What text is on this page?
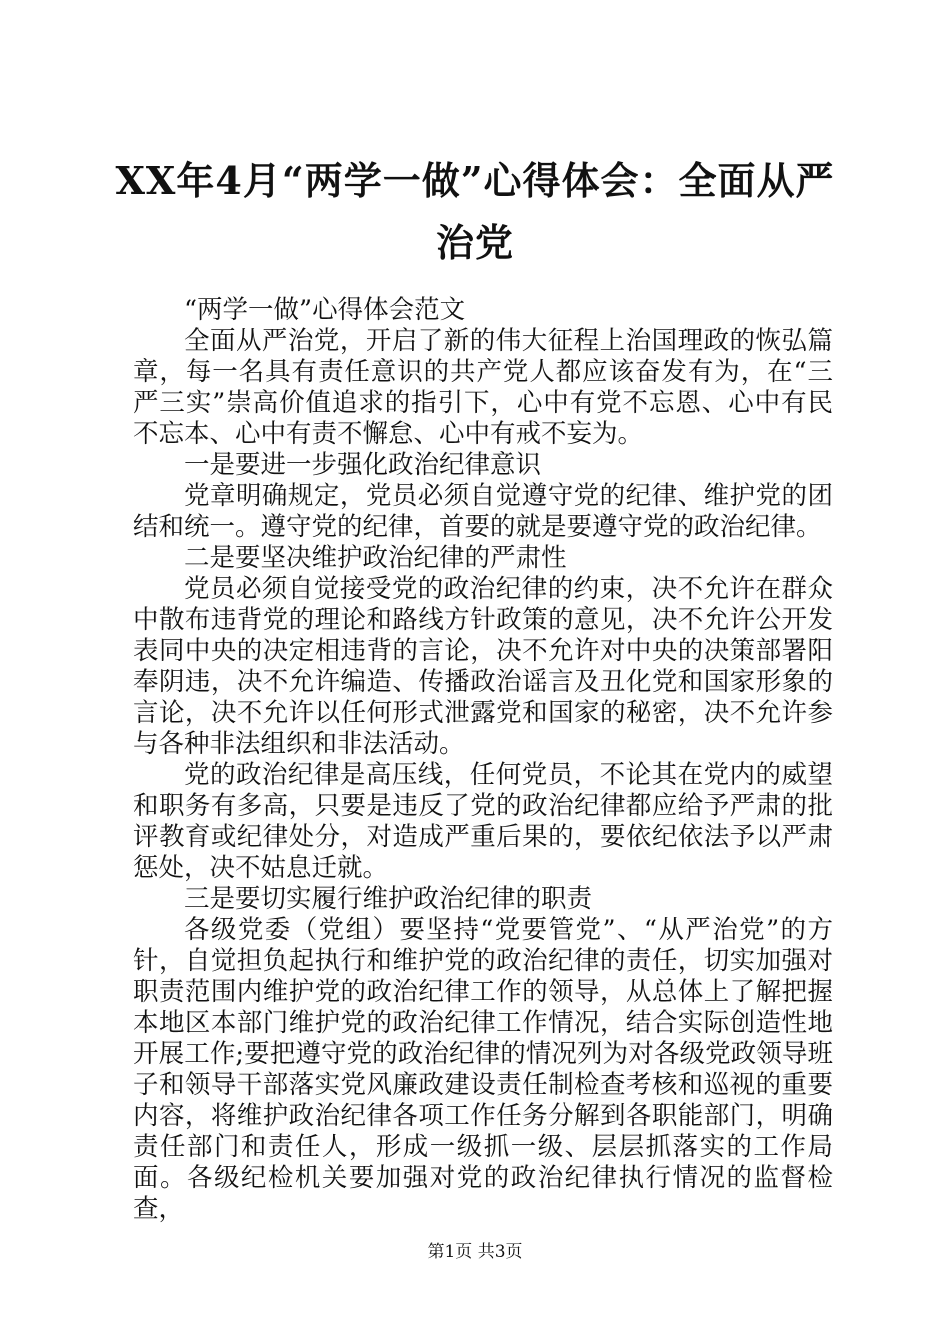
XX年4月“两学一做”心得体会：全面从严治党

“两学一做”心得体会范文

全面从严治党，开启了新的伟大征程上治国理政的恢弘篇章，每一名具有责任意识的共产党人都应该奋发有为，在“三严三实”崇高价值追求的指引下，心中有党不忘恩、心中有民不忘本、心中有责不懈怠、心中有戒不妄为。

一是要进一步强化政治纪律意识

党章明确规定，党员必须自觉遵守党的纪律、维护党的团结和统一。遵守党的纪律，首要的就是要遵守党的政治纪律。

二是要坚决维护政治纪律的严肃性

党员必须自觉接受党的政治纪律的约束，决不允许在群众中散布违背党的理论和路线方针政策的意见，决不允许公开发表同中央的决定相违背的言论，决不允许对中央的决策部署阳奉阴违，决不允许编造、传播政治谣言及丑化党和国家形象的言论，决不允许以任何形式泄露党和国家的秘密，决不允许参与各种非法组织和非法活动。

党的政治纪律是高压线，任何党员，不论其在党内的威望和职务有多高，只要是违反了党的政治纪律都应给予严肃的批评教育或纪律处分，对造成严重后果的，要依纪依法予以严肃惩处，决不姑息迁就。

三是要切实履行维护政治纪律的职责

各级党委（党组）要坚持“党要管党”、“从严治党”的方针，自觉担负起执行和维护党的政治纪律的责任，切实加强对职责范围内维护党的政治纪律工作的领导，从总体上了解把握本地区本部门维护党的政治纪律工作情况，结合实际创造性地开展工作;要把遵守党的政治纪律的情况列为对各级党政领导班子和领导干部落实党风廉政建设责任制检查考核和巡视的重要内容，将维护政治纪律各项工作任务分解到各职能部门，明确责任部门和责任人，形成一级抓一级、层层抓落实的工作局面。各级纪检机关要加强对党的政治纪律执行情况的监督检查，

第1页 共3页
